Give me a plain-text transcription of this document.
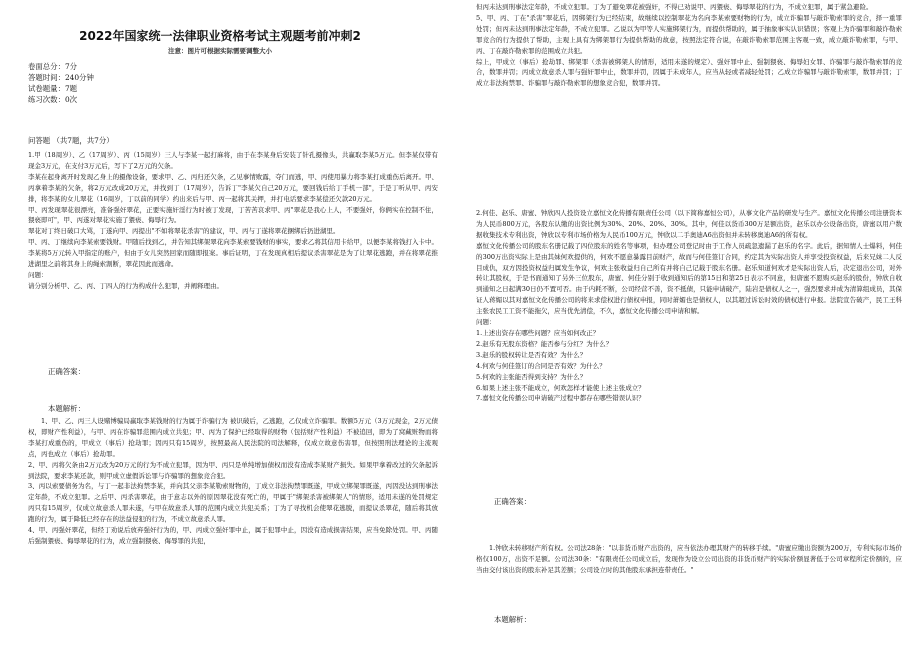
2022年国家统一法律职业资格考试主观题考前冲刺2
注意：图片可根据实际需要调整大小
卷面总分：7分
答题时间：240分钟
试卷题量：7题
练习次数：0次
问答题 （共7题，共7分）

1.甲（18周岁）、乙（17周岁）、丙（15周岁）三人与李某一起打麻将，由于在李某身后安装了针孔摄像头，共赢取李某5万元。但李某仅带有现金3万元，在支付3万元后，写下了2万元的欠条。

李某在起身离开时发现乙身上的摄像设备，要求甲、乙、丙归还欠条，乙见事情败露，夺门而逃，甲、丙使用暴力将李某打成重伤后离开。甲、丙拿着李某的欠条，将2万元改成20万元，并找到丁（17周岁），告诉丁"李某欠自己20万元，要回钱后给丁手机一部"，于是丁听从甲、丙安排，将李某的女儿翠花（16周岁，丁以前的同学）约出来后与甲、丙一起将其关押，并打电话要求李某偿还欠款20万元。

甲、丙发现翠花很漂亮，准备强奸翠花，正要实施奸淫行为时被丁发现，丁苦苦哀求甲、丙"翠花是我心上人，不要强奸，你俩实在控制不住，猥亵即可"，甲、丙遂对翠花实施了猥亵、侮辱行为。

翠花对丁终日破口大骂，丁遂向甲、丙提出"不如将翠花杀害"的建议，甲、丙与丁遂将翠花捆绑后扔进湖里。

甲、丙、丁继续向李某索要钱财。甲随后找到乙，并告知其绑架翠花向李某索要钱财的事实，要求乙将其信用卡给甲，以便李某将钱打入卡中。李某将5万元转入甲指定的账户，但由于女儿突然回家而随即报案。事后证明，丁在发现真相后提议杀害翠花是为了让翠花逃跑，并在将翠花推进湖里之前将其身上的绳索割断，翠花因此而逃命。

问题：

请分别分析甲、乙、丙、丁四人的行为构成什么犯罪，并阐释理由。

正确答案：
本题解析：

1、甲、乙、丙三人设赌博骗局赢取李某钱财的行为属于诈骗行为 被识破后，乙逃跑，乙仅成立诈骗罪。数额5万元（3万元现金，2万元债权，即财产性利益），与甲、丙在诈骗罪范围内成立共犯；甲、丙为了保护已经取得的财物（包括财产性利益）不被追回，即为了窝藏赃物而将李某打成重伤的，甲成立（事后）抢劫罪；因丙只有15周岁，按照最高人民法院的司法解释，仅成立故意伤害罪，但按照刑法理论的主流观点，丙也成立（事后）抢劫罪。

2、甲、丙将欠条由2万元改为20万元的行为不成立犯罪，因为甲、丙只是单纯增加债权而没有造成李某财产损失。如果甲拿着改过的欠条起诉到法院，要求李某还款，则甲成立虚假诉讼罪与诈骗罪的想象竞合犯。

3、丙以索要债务为名，与丁一起非法拘禁李某，并向其父亲李某勒索财物的，丁成立非法拘禁罪既遂，甲成立绑架罪既遂，丙因没达到刑事法定年龄，不成立犯罪。之后甲、丙杀害翠花，由于意志以外的原因翠花没有死亡的，甲属于"绑架杀害被绑架人"的情形，适用未遂的处罚规定 丙只有15周岁，仅成立故意杀人罪未遂，与甲在故意杀人罪的范围内成立共犯关系；丁为了寻找机会使翠花逃脱，而提议杀翠花，随后将其放跑的行为，属于降低已经存在的法益侵犯的行为，不成立故意杀人罪。

4、甲、丙强奸翠花，但经丁劝说后放弃强奸行为的，甲、丙成立强奸罪中止，属于犯罪中止，因没有造成损害结果，应当免除处罚。甲、丙随后强制猥亵、侮辱翠花的行为，成立强制猥亵、侮辱罪的共犯，

但丙未达到刑事法定年龄，不成立犯罪。丁为了避免翠花被强奸，不得已劝说甲、丙猥亵、侮辱翠花的行为，不成立犯罪，属于紧急避险。

5、甲、丙、丁在"杀害"翠花后，因绑架行为已经结束，故继续以控制翠花为名向李某索要财物的行为，成立诈骗罪与敲诈勒索罪的竞合，择一重罪处罚；但丙未达到刑事法定年龄，不成立犯罪。乙说以为甲等人实施绑架行为，而提供帮助的，属于抽象事实认识错误；客观上为诈骗罪和敲诈勒索罪竞合的行为提供了帮助，主观上具有为绑架罪行为提供帮助的故意，按照法定符合说，在敲诈勒索罪范围主客观一致，成立敲诈勒索罪，与甲、丙、丁在敲诈勒索罪的范围成立共犯。

综上，甲成立（事后）抢劫罪、绑架罪（杀害被绑架人的情形，适用未遂的规定）、强奸罪中止、强制猥亵、侮辱妇女罪、诈骗罪与敲诈勒索罪的竞合，数罪并罚；丙成立故意杀人罪与强奸罪中止，数罪并罚，因属于未成年人，应当从轻或者减轻处罚；乙成立诈骗罪与敲诈勒索罪，数罪并罚；丁成立非法拘禁罪、诈骗罪与敲诈勒索罪的想象竞合犯，数罪并罚。

2.何佳、赵乐、唐蜜、钟欣四人投资设立嘉恒文化传播有限责任公司（以下简称嘉恒公司），从事文化产品的研发与生产。嘉恒文化传播公司注册资本为人民币800万元，各股东认缴的出资比例为30%、20%、20%、30%。其中，何佳以货币300万足额出资，赵乐以办公设备出资，唐蜜以用户数据收集技术专利出资，钟欣以专利市场价格为人民币100万元，钟欣以二手奥迪A6出资但并未转移奥迪A6的所有权。

嘉恒文化传播公司的股东名册记载了四位股东的姓名等事项，但办理公司登记时由于工作人员疏忽遗漏了赵乐的名字。此后，据知情人士爆料，何佳的300万出资实际上是由其妹何欢提供的，何欢不愿意暴露目前财产，故而与何佳签订合同，约定其为实际出资人并享受投资权益，后来兄妹二人反目成仇，双方因投资权益归属发生争议，何欢主张收益归自己所有并将自己记载于股东名册。赵乐知道何欢才是实际出资人后，决定退出公司，对外转让其股权，于是书面通知了另外三位股东，唐蜜、何佳分别于收到通知后的第15日和第25日表示不同意，但唐蜜不愿购买赵乐的股份，钟欣自收到通知之日起满30日仍不置可否。由于内耗不断，公司经营不善，资不抵债，只能申请破产，陆岩是债权人之一，强烈要求并成为清算组成员，其保证人蒋媚以其对嘉恒文化传播公司的将来求偿权进行债权申报，同时萧媚也是债权人，以其超过诉讼时效的债权进行申报。法院宣告破产，民工王科主张农民工工资不能拖欠，应当优先清偿，不久，嘉恒文化传播公司申请和解。

问题：

1.上述出资存在哪些问题？应当如何改正？

2.赵乐有无股东资格？能否参与分红？为什么？

3.赵乐的股权转让是否有效？为什么？

4.何欢与何佳签订的合同是否有效？为什么？

5.何欢的主张能否得到支持？为什么？

6.如果上述主张不能成立，何欢怎样才能使上述主张成立？

7.嘉恒文化传播公司申请破产过程中都存在哪些错误认识？

正确答案：

1.钟欣未转移财产所有权。公司法28条："以非货币财产出资的，应当依法办理其财产的转移手续。"唐蜜应缴出资额为200万，专利实际市场价格仅100万，出资不足额。公司法30条："有限责任公司成立后，发现作为设立公司出资的非货币财产的实际价额显著低于公司章程所定价额的，应当由交付该出资的股东补足其差额；公司设立时的其他股东承担连带责任。"

本题解析：
